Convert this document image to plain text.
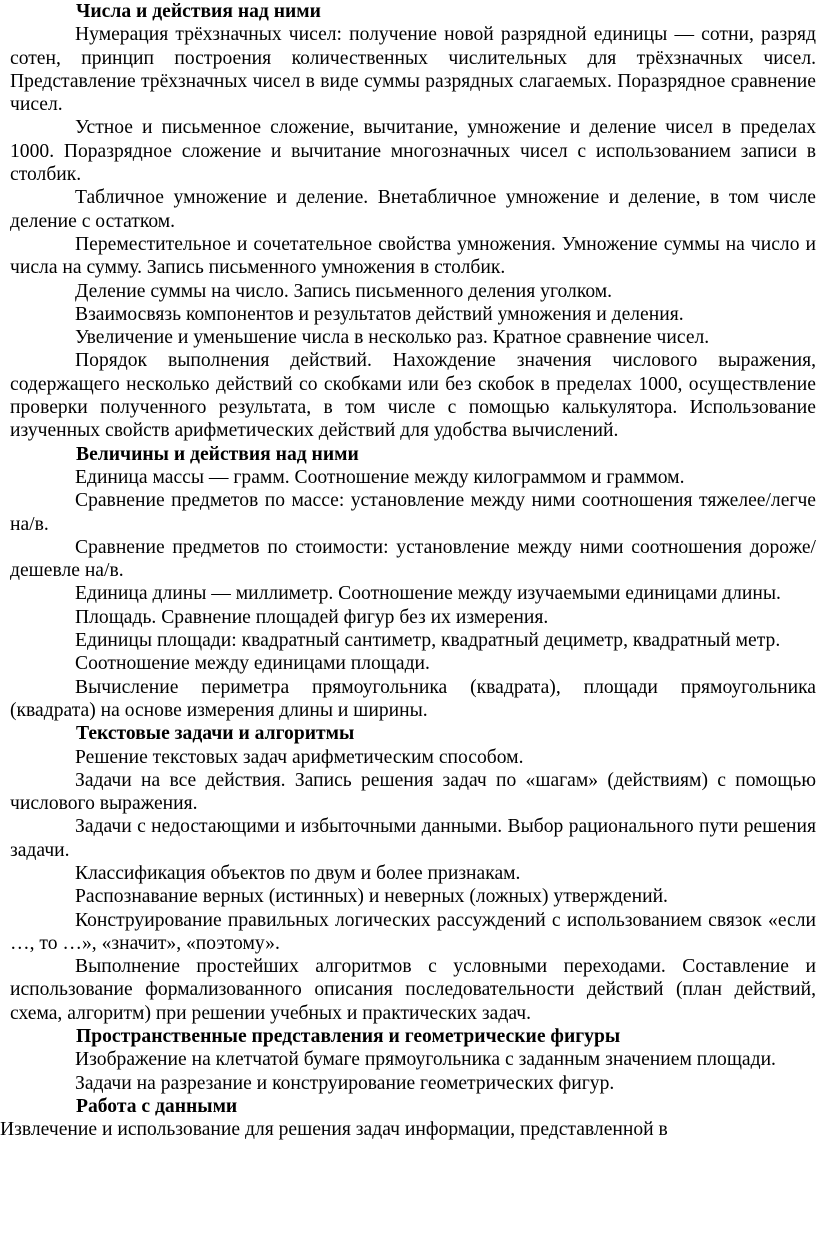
Числа и действия над ними

Нумерация трёхзначных чисел: получение новой разрядной единицы — сотни, разряд сотен, принцип построения количественных числительных для трёхзначных чисел. Представление трёхзначных чисел в виде суммы разрядных слагаемых. Поразрядное сравнение чисел.

Устное и письменное сложение, вычитание, умножение и деление чисел в пределах 1000. Поразрядное сложение и вычитание многозначных чисел с использованием записи в столбик.

Табличное умножение и деление. Внетабличное умножение и деление, в том числе деление с остатком.

Переместительное и сочетательное свойства умножения. Умножение суммы на число и числа на сумму. Запись письменного умножения в столбик.

Деление суммы на число. Запись письменного деления уголком.

Взаимосвязь компонентов и результатов действий умножения и деления.

Увеличение и уменьшение числа в несколько раз. Кратное сравнение чисел.

Порядок выполнения действий. Нахождение значения числового выражения, содержащего несколько действий со скобками или без скобок в пределах 1000, осуществление проверки полученного результата, в том числе с помощью калькулятора. Использование изученных свойств арифметических действий для удобства вычислений.

Величины и действия над ними

Единица массы — грамм. Соотношение между килограммом и граммом.

Сравнение предметов по массе: установление между ними соотношения тяжелее/легче на/в.

Сравнение предметов по стоимости: установление между ними соотношения дороже/дешевле на/в.

Единица длины — миллиметр. Соотношение между изучаемыми единицами длины.

Площадь. Сравнение площадей фигур без их измерения.

Единицы площади: квадратный сантиметр, квадратный дециметр, квадратный метр.

Соотношение между единицами площади.

Вычисление периметра прямоугольника (квадрата), площади прямоугольника (квадрата) на основе измерения длины и ширины.

Текстовые задачи и алгоритмы

Решение текстовых задач арифметическим способом.

Задачи на все действия. Запись решения задач по «шагам» (действиям) с помощью числового выражения.

Задачи с недостающими и избыточными данными. Выбор рационального пути решения задачи.

Классификация объектов по двум и более признакам.

Распознавание верных (истинных) и неверных (ложных) утверждений.

Конструирование правильных логических рассуждений с использованием связок «если …, то …», «значит», «поэтому».

Выполнение простейших алгоритмов с условными переходами. Составление и использование формализованного описания последовательности действий (план действий, схема, алгоритм) при решении учебных и практических задач.

Пространственные представления и геометрические фигуры

Изображение на клетчатой бумаге прямоугольника с заданным значением площади.

Задачи на разрезание и конструирование геометрических фигур.

Работа с данными

Извлечение и использование для решения задач информации, представленной в
